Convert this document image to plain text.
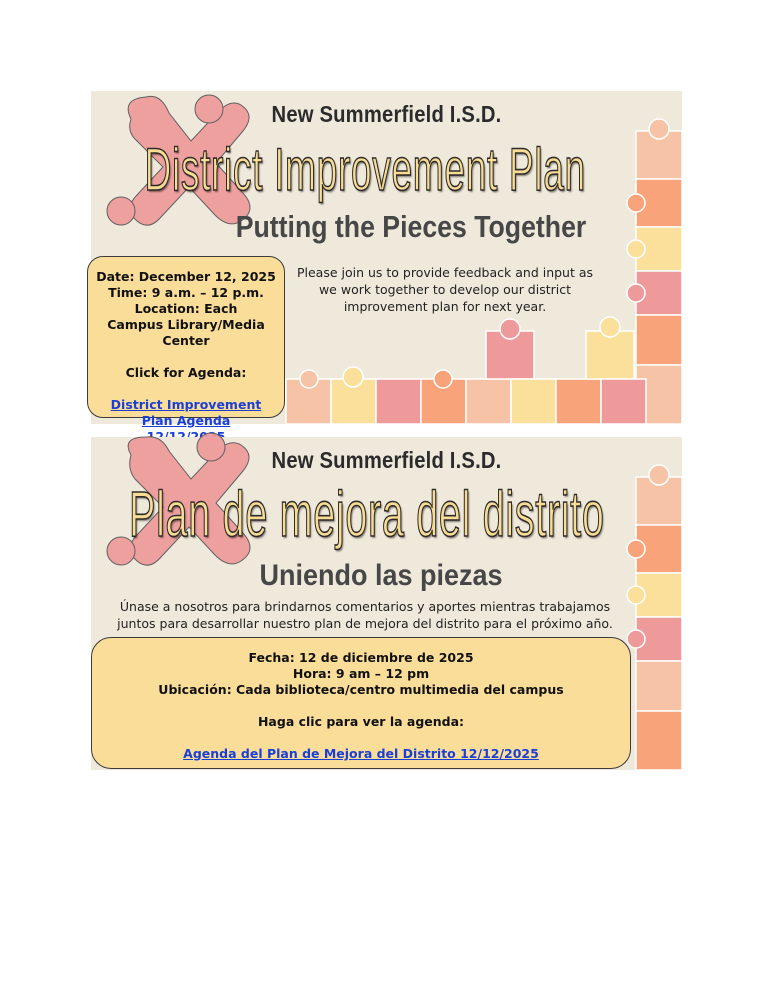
New Summerfield I.S.D.
District Improvement Plan
Putting the Pieces Together
Please join us to provide feedback and input as we work together to develop our district improvement plan for next year.
Date: December 12, 2025
Time: 9 a.m. – 12 p.m.
Location: Each Campus Library/Media Center
Click for Agenda:
District Improvement Plan Agenda
New Summerfield I.S.D.
Plan de mejora del distrito
Uniendo las piezas
Únase a nosotros para brindarnos comentarios y aportes mientras trabajamos juntos para desarrollar nuestro plan de mejora del distrito para el próximo año.
Fecha: 12 de diciembre de 2025
Hora: 9 am – 12 pm
Ubicación: Cada biblioteca/centro multimedia del campus
Haga clic para ver la agenda:
Agenda del Plan de Mejora del Distrito 12/12/2025
